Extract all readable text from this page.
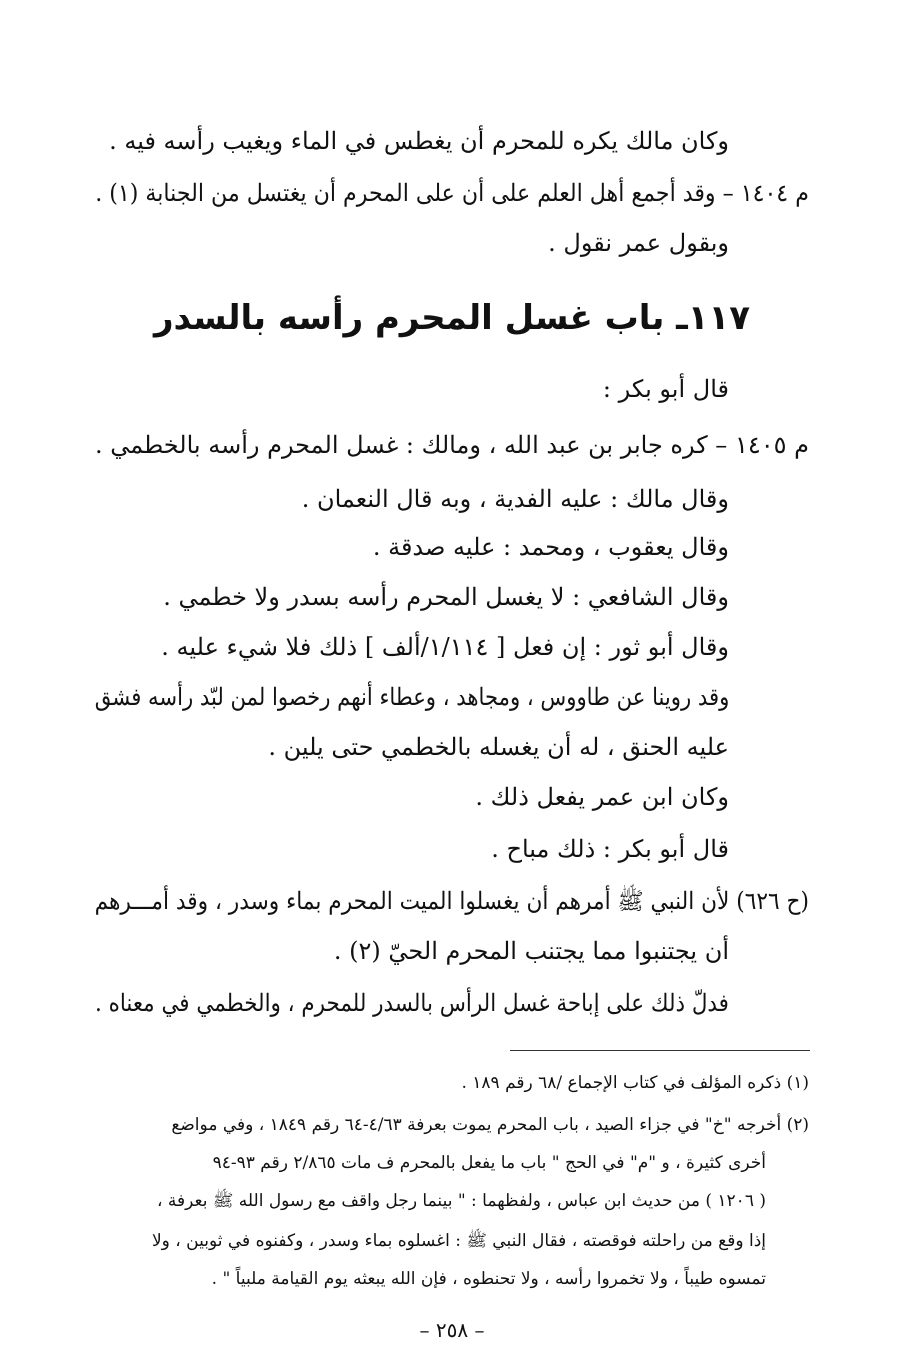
وكان مالك يكره للمحرم أن يغطس في الماء ويغيب رأسه فيه .
م ١٤٠٤ – وقد أجمع أهل العلم على أن على المحرم أن يغتسل من الجنابة (١) .
وبقول عمر نقول .
١١٧ـ باب غسل المحرم رأسه بالسدر
قال أبو بكر :
م ١٤٠٥ – كره جابر بن عبد الله ، ومالك : غسل المحرم رأسه بالخطمي .
وقال مالك : عليه الفدية ، وبه قال النعمان .
وقال يعقوب ، ومحمد : عليه صدقة .
وقال الشافعي : لا يغسل المحرم رأسه بسدر ولا خطمي .
وقال أبو ثور : إن فعل [ ١/١١٤/ألف ] ذلك فلا شيء عليه .
وقد روينا عن طاووس ، ومجاهد ، وعطاء أنهم رخصوا لمن لبّد رأسه فشق
عليه الحنق ، له أن يغسله بالخطمي حتى يلين .
وكان ابن عمر يفعل ذلك .
قال أبو بكر : ذلك مباح .
(ح ٦٢٦) لأن النبي ﷺ أمرهم أن يغسلوا الميت المحرم بماء وسدر ، وقد أمـــرهم
أن يجتنبوا مما يجتنب المحرم الحيّ (٢) .
فدلّ ذلك على إباحة غسل الرأس بالسدر للمحرم ، والخطمي في معناه .
(١) ذكره المؤلف في كتاب الإجماع /٦٨ رقم ١٨٩ .
(٢) أخرجه "خ" في جزاء الصيد ، باب المحرم يموت بعرفة ٤/٦٣-٦٤ رقم ١٨٤٩ ، وفي مواضع
أخرى كثيرة ، و "م" في الحج " باب ما يفعل بالمحرم ف مات ٢/٨٦٥ رقم ٩٣-٩٤
( ١٢٠٦ ) من حديث ابن عباس ، ولفظهما : " بينما رجل واقف مع رسول الله ﷺ بعرفة ،
إذا وقع من راحلته فوقصته ، فقال النبي ﷺ : اغسلوه بماء وسدر ، وكفنوه في ثوبين ، ولا
تمسوه طيباً ، ولا تخمروا رأسه ، ولا تحنطوه ، فإن الله يبعثه يوم القيامة ملبياً " .
– ٢٥٨ –
